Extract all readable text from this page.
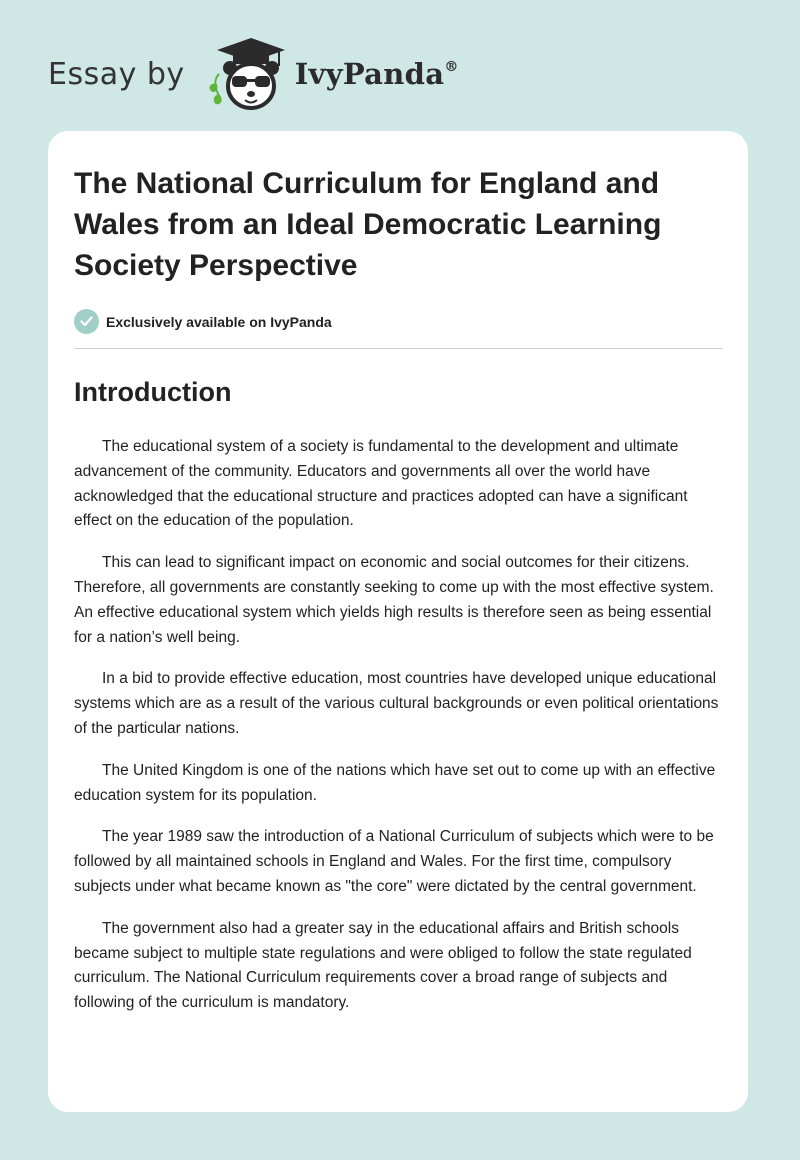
Essay by	IvyPanda®
The National Curriculum for England and Wales from an Ideal Democratic Learning Society Perspective
Exclusively available on IvyPanda
Introduction

The educational system of a society is fundamental to the development and ultimate advancement of the community. Educators and governments all over the world have acknowledged that the educational structure and practices adopted can have a significant effect on the education of the population.

This can lead to significant impact on economic and social outcomes for their citizens. Therefore, all governments are constantly seeking to come up with the most effective system. An effective educational system which yields high results is therefore seen as being essential for a nation’s well being.

In a bid to provide effective education, most countries have developed unique educational systems which are as a result of the various cultural backgrounds or even political orientations of the particular nations.

The United Kingdom is one of the nations which have set out to come up with an effective education system for its population.

The year 1989 saw the introduction of a National Curriculum of subjects which were to be followed by all maintained schools in England and Wales. For the first time, compulsory subjects under what became known as "the core" were dictated by the central government.

The government also had a greater say in the educational affairs and British schools became subject to multiple state regulations and were obliged to follow the state regulated curriculum. The National Curriculum requirements cover a broad range of subjects and following of the curriculum is mandatory.
